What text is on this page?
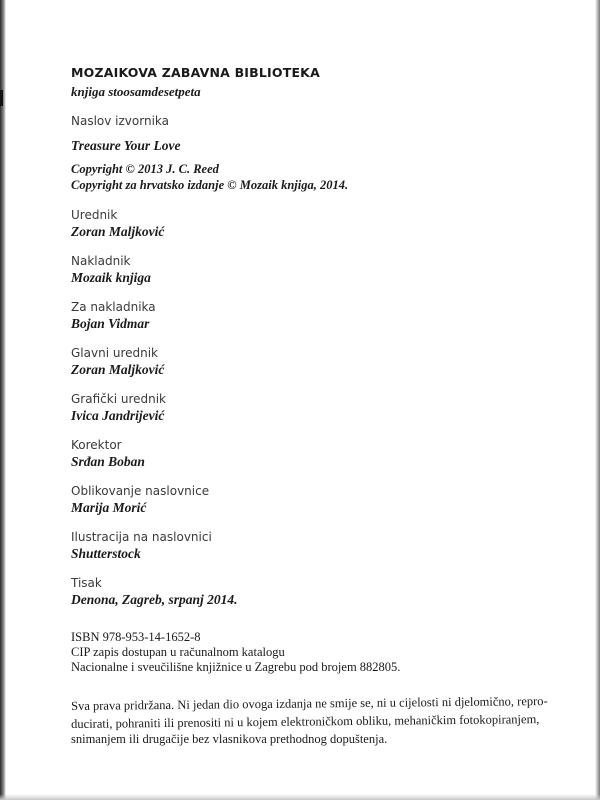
MOZAIKOVA ZABAVNA BIBLIOTEKA
knjiga stoosamdesetpeta
Naslov izvornika
Treasure Your Love
Copyright © 2013 J. C. Reed
Copyright za hrvatsko izdanje © Mozaik knjiga, 2014.
Urednik
Zoran Maljković
Nakladnik
Mozaik knjiga
Za nakladnika
Bojan Vidmar
Glavni urednik
Zoran Maljković
Grafički urednik
Ivica Jandrijević
Korektor
Srđan Boban
Oblikovanje naslovnice
Marija Morić
Ilustracija na naslovnici
Shutterstock
Tisak
Denona, Zagreb, srpanj 2014.
ISBN 978-953-14-1652-8
CIP zapis dostupan u računalnom katalogu
Nacionalne i sveučilišne knjižnice u Zagrebu pod brojem 882805.
Sva prava pridržana. Ni jedan dio ovoga izdanja ne smije se, ni u cijelosti ni djelomično, repro-
ducirati, pohraniti ili prenositi ni u kojem elektroničkom obliku, mehaničkim fotokopiranjem,
snimanjem ili drugačije bez vlasnikova prethodnog dopuštenja.
